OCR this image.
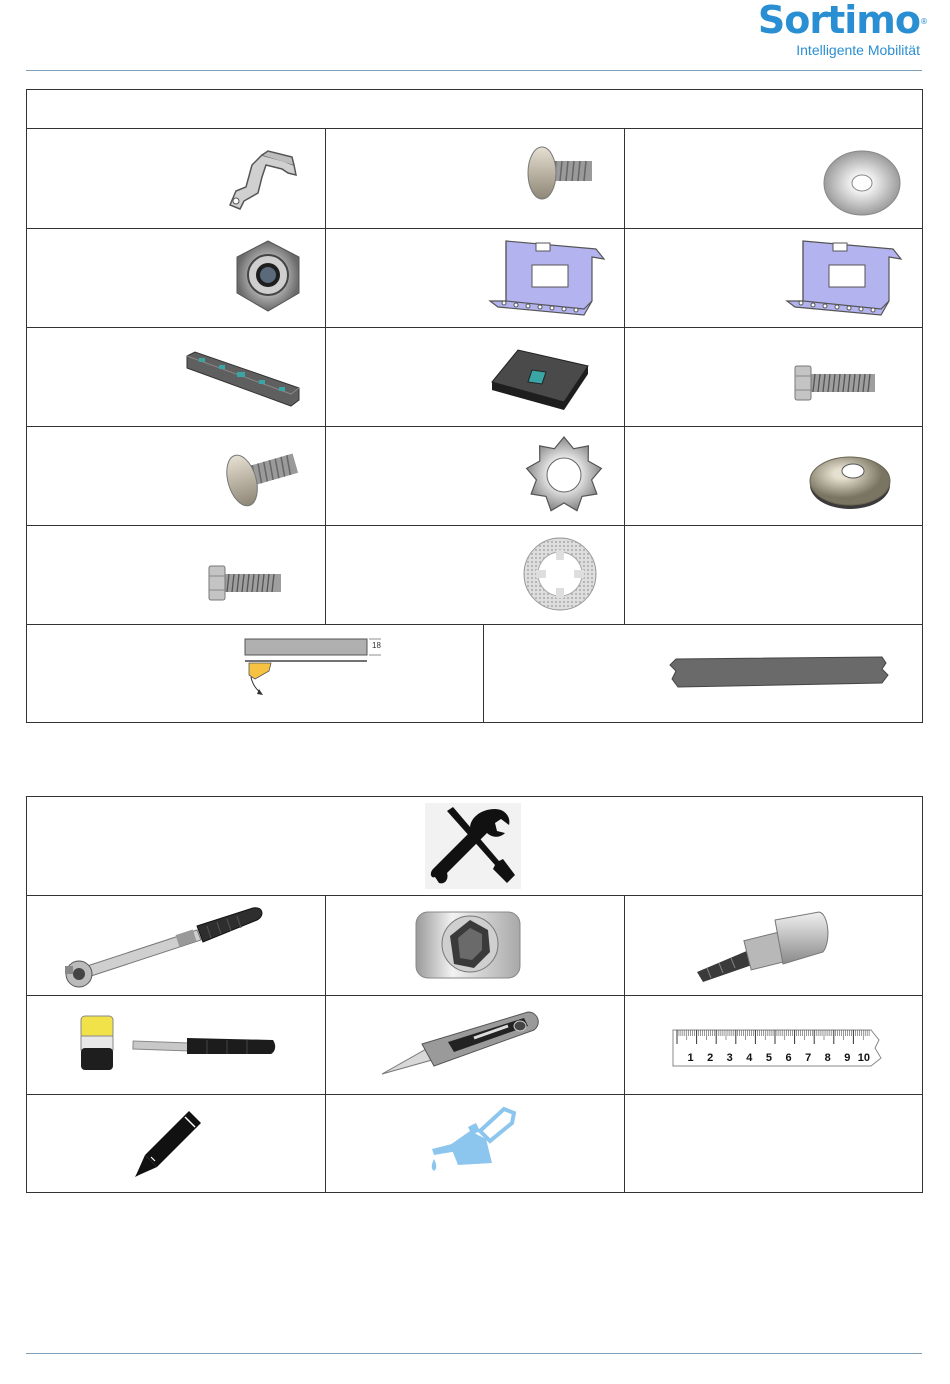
Sortimo ®
Intelligente Mobilität
18
1 2 3 4 5 6 7 8 9 10
